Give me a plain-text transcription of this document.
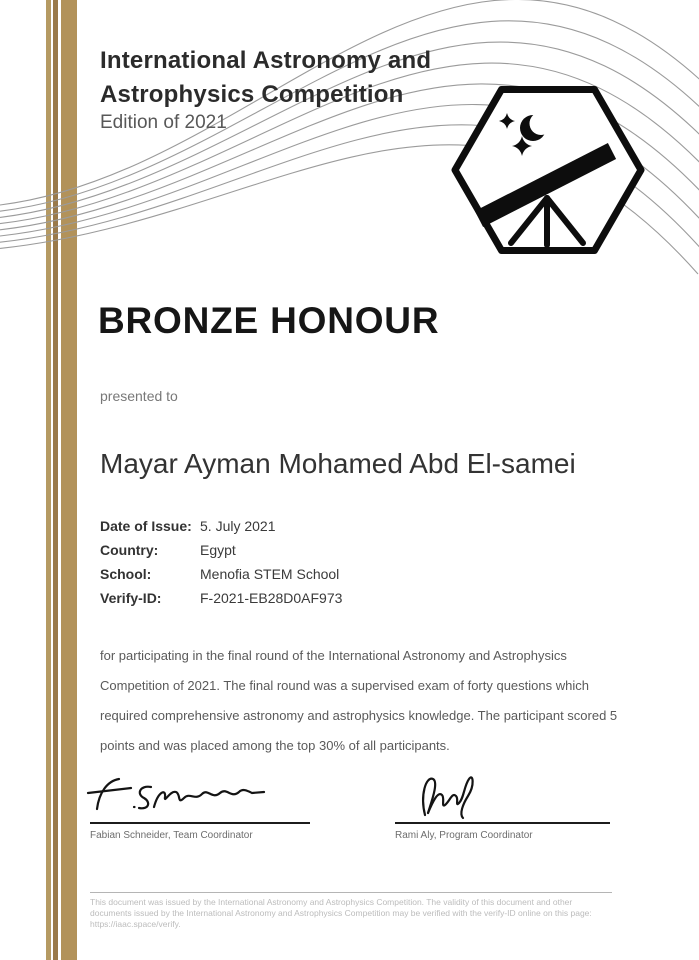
International Astronomy and
Astrophysics Competition
Edition of 2021
BRONZE HONOUR
presented to
Mayar Ayman Mohamed Abd El-samei
Date of Issue: 5. July 2021
Country:	Egypt
School:	Menofia STEM School
Verify-ID:	F-2021-EB28D0AF973
for participating in the final round of the International Astronomy and Astrophysics Competition of 2021. The final round was a supervised exam of forty questions which required comprehensive astronomy and astrophysics knowledge. The participant scored 5 points and was placed among the top 30% of all participants.
Fabian Schneider, Team Coordinator	Rami Aly, Program Coordinator
This document was issued by the International Astronomy and Astrophysics Competition. The validity of this document and other documents issued by the International Astronomy and Astrophysics Competition may be verified with the verify-ID online on this page: https://iaac.space/verify.
